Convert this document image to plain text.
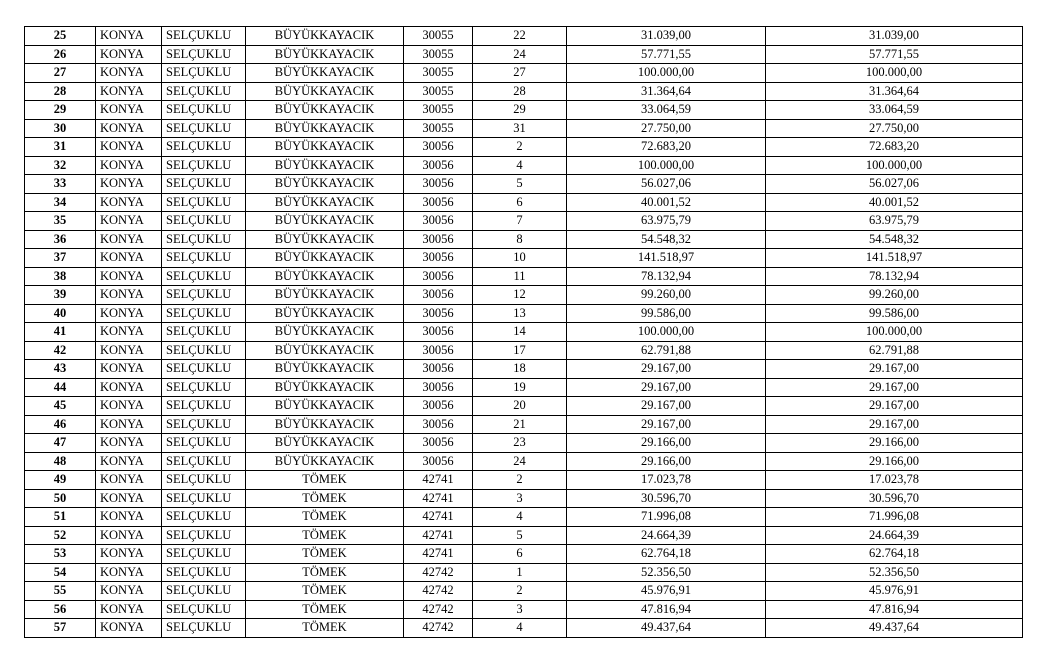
25	KONYA	SELÇUKLU	BÜYÜKKAYACIK	30055	22	31.039,00	31.039,00
26	KONYA	SELÇUKLU	BÜYÜKKAYACIK	30055	24	57.771,55	57.771,55
27	KONYA	SELÇUKLU	BÜYÜKKAYACIK	30055	27	100.000,00	100.000,00
28	KONYA	SELÇUKLU	BÜYÜKKAYACIK	30055	28	31.364,64	31.364,64
29	KONYA	SELÇUKLU	BÜYÜKKAYACIK	30055	29	33.064,59	33.064,59
30	KONYA	SELÇUKLU	BÜYÜKKAYACIK	30055	31	27.750,00	27.750,00
31	KONYA	SELÇUKLU	BÜYÜKKAYACIK	30056	2	72.683,20	72.683,20
32	KONYA	SELÇUKLU	BÜYÜKKAYACIK	30056	4	100.000,00	100.000,00
33	KONYA	SELÇUKLU	BÜYÜKKAYACIK	30056	5	56.027,06	56.027,06
34	KONYA	SELÇUKLU	BÜYÜKKAYACIK	30056	6	40.001,52	40.001,52
35	KONYA	SELÇUKLU	BÜYÜKKAYACIK	30056	7	63.975,79	63.975,79
36	KONYA	SELÇUKLU	BÜYÜKKAYACIK	30056	8	54.548,32	54.548,32
37	KONYA	SELÇUKLU	BÜYÜKKAYACIK	30056	10	141.518,97	141.518,97
38	KONYA	SELÇUKLU	BÜYÜKKAYACIK	30056	11	78.132,94	78.132,94
39	KONYA	SELÇUKLU	BÜYÜKKAYACIK	30056	12	99.260,00	99.260,00
40	KONYA	SELÇUKLU	BÜYÜKKAYACIK	30056	13	99.586,00	99.586,00
41	KONYA	SELÇUKLU	BÜYÜKKAYACIK	30056	14	100.000,00	100.000,00
42	KONYA	SELÇUKLU	BÜYÜKKAYACIK	30056	17	62.791,88	62.791,88
43	KONYA	SELÇUKLU	BÜYÜKKAYACIK	30056	18	29.167,00	29.167,00
44	KONYA	SELÇUKLU	BÜYÜKKAYACIK	30056	19	29.167,00	29.167,00
45	KONYA	SELÇUKLU	BÜYÜKKAYACIK	30056	20	29.167,00	29.167,00
46	KONYA	SELÇUKLU	BÜYÜKKAYACIK	30056	21	29.167,00	29.167,00
47	KONYA	SELÇUKLU	BÜYÜKKAYACIK	30056	23	29.166,00	29.166,00
48	KONYA	SELÇUKLU	BÜYÜKKAYACIK	30056	24	29.166,00	29.166,00
49	KONYA	SELÇUKLU	TÖMEK	42741	2	17.023,78	17.023,78
50	KONYA	SELÇUKLU	TÖMEK	42741	3	30.596,70	30.596,70
51	KONYA	SELÇUKLU	TÖMEK	42741	4	71.996,08	71.996,08
52	KONYA	SELÇUKLU	TÖMEK	42741	5	24.664,39	24.664,39
53	KONYA	SELÇUKLU	TÖMEK	42741	6	62.764,18	62.764,18
54	KONYA	SELÇUKLU	TÖMEK	42742	1	52.356,50	52.356,50
55	KONYA	SELÇUKLU	TÖMEK	42742	2	45.976,91	45.976,91
56	KONYA	SELÇUKLU	TÖMEK	42742	3	47.816,94	47.816,94
57	KONYA	SELÇUKLU	TÖMEK	42742	4	49.437,64	49.437,64
